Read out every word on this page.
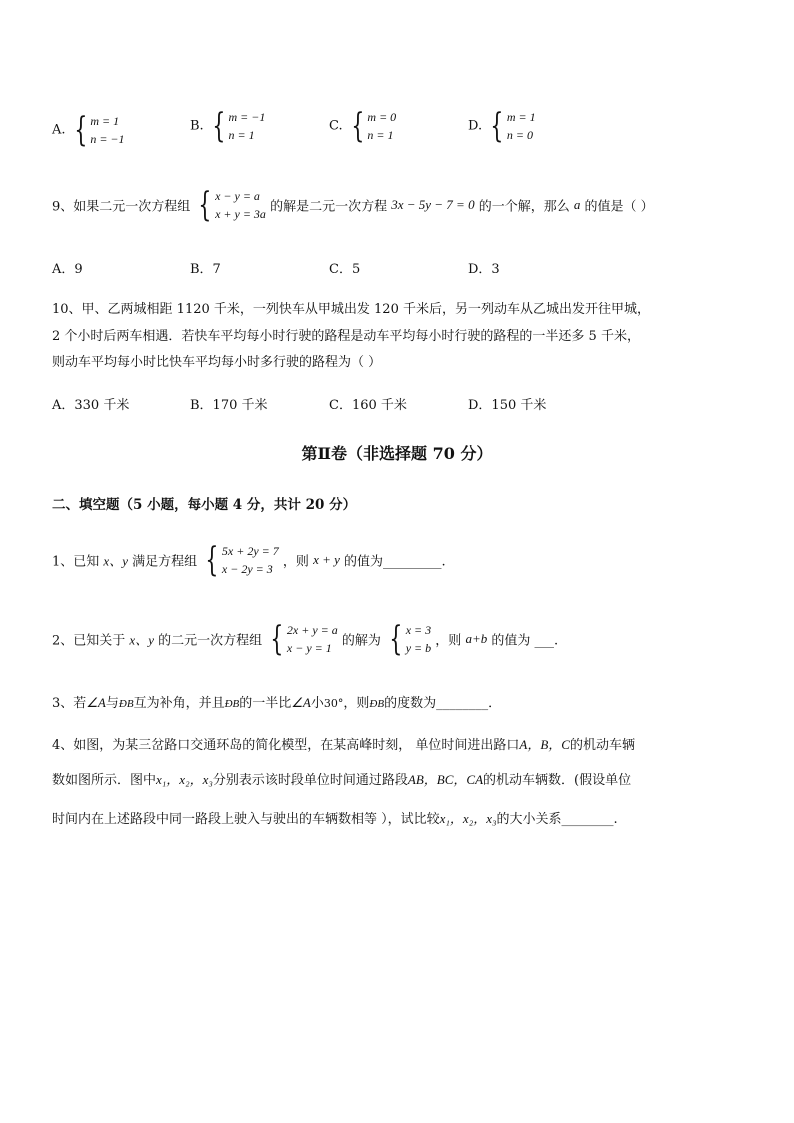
A. { m = 1
n = −1
B. { m = −1
n = 1
C. { m = 0
n = 1
D. { m = 1
n = 0
9、如果二元一次方程组 { x − y = a
x + y = 3a 的解是二元一次方程 3x − 5y − 7 = 0 的一个解，那么 a 的值是（ ）
A．9	B．7	C．5	D．3
10、甲、乙两城相距 1120 千米，一列快车从甲城出发 120 千米后，另一列动车从乙城出发开往甲城，
2 个小时后两车相遇．若快车平均每小时行驶的路程是动车平均每小时行驶的路程的一半还多 5 千米，
则动车平均每小时比快车平均每小时多行驶的路程为（ ）
A．330 千米	B．170 千米	C．160 千米	D．150 千米
第Ⅱ卷（非选择题 70 分）
二、填空题（5 小题，每小题 4 分，共计 20 分）
1、已知 x、y 满足方程组 { 5x + 2y = 7
x − 2y = 3 ，则 x + y 的值为_________.
2、已知关于 x、y 的二元一次方程组 { 2x + y = a
x − y = 1 的解为 { x = 3
y = b ，则 a+b 的值为 ___.
3、若∠A与ÐB互为补角，并且ÐB的一半比∠A小30°，则ÐB的度数为________．
4、如图，为某三岔路口交通环岛的简化模型，在某高峰时刻， 单位时间进出路口A，B，C的机动车辆
数如图所示．图中x₁，x₂，x₃分别表示该时段单位时间通过路段AB，BC，CA的机动车辆数．(假设单位
时间内在上述路段中同一路段上驶入与驶出的车辆数相等 ），试比较x₁，x₂，x₃的大小关系________.
